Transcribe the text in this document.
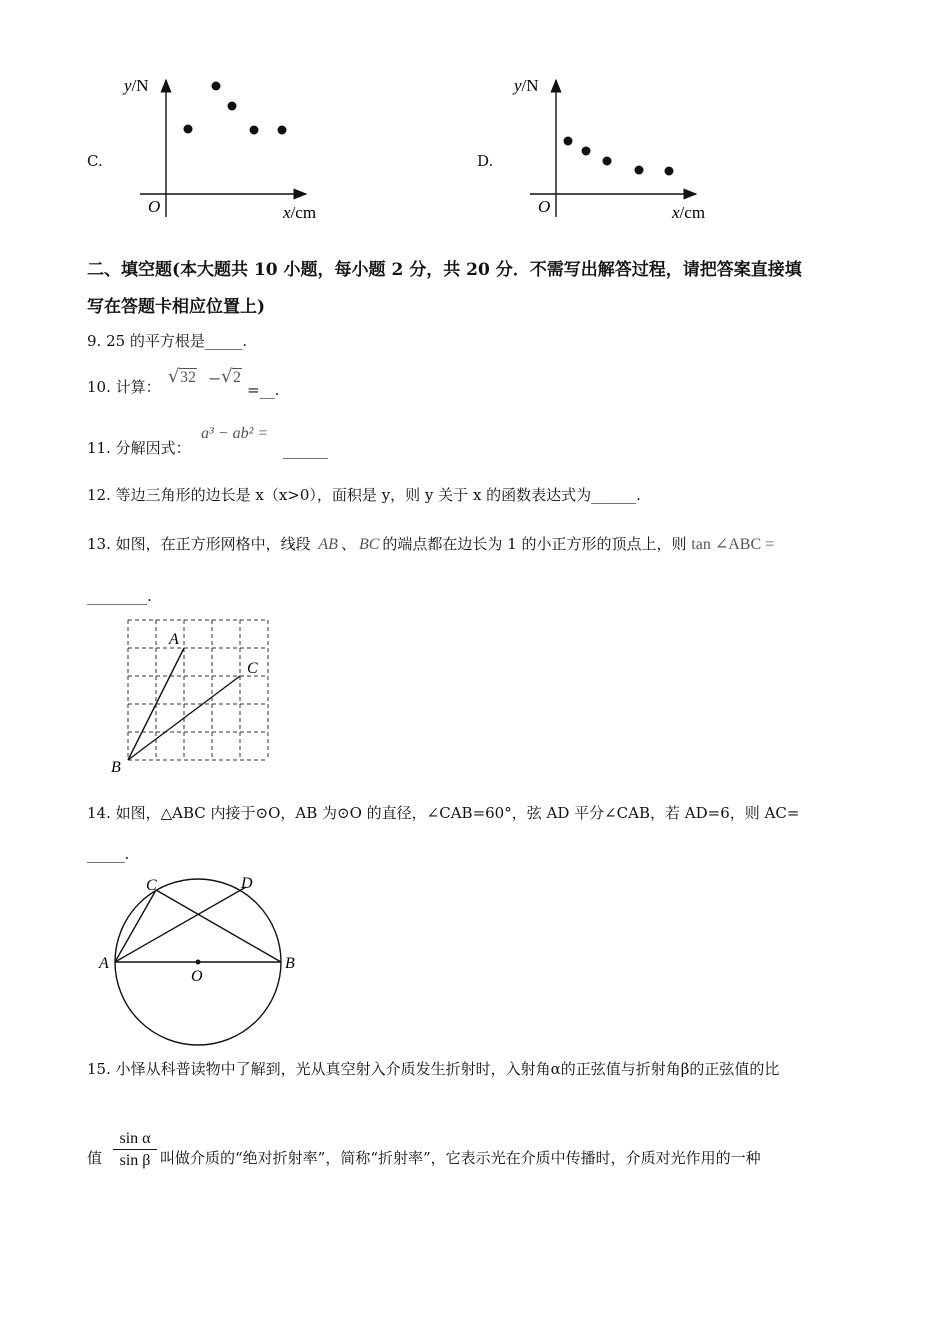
C.
y/N
O	x/cm
D.
y/N
O	x/cm
二、填空题(本大题共 10 小题，每小题 2 分，共 20 分．不需写出解答过程，请把答案直接填
写在答题卡相应位置上)
9. 25 的平方根是_____.
10. 计算： √ 32 − √ 2
=__.
11. 分解因式：
a³ − ab² =
______
12. 等边三角形的边长是 x（x>0），面积是 y，则 y 关于 x 的函数表达式为______.
13. 如图，在正方形网格中，线段 AB 、 BC 的端点都在边长为 1 的小正方形的顶点上，则 tan ∠ABC =
________.
A
C
B
14. 如图，△ABC 内接于⊙O，AB 为⊙O 的直径，∠CAB=60°，弦 AD 平分∠CAB，若 AD=6，则 AC=
_____.
A	B
C	D
O
15. 小怿从科普读物中了解到，光从真空射入介质发生折射时，入射角α的正弦值与折射角β的正弦值的比
值 $\frac{\text{sin α}}{\text{sin β}}$ 叫做介质的“绝对折射率”，简称“折射率”，它表示光在介质中传播时，介质对光作用的一种
